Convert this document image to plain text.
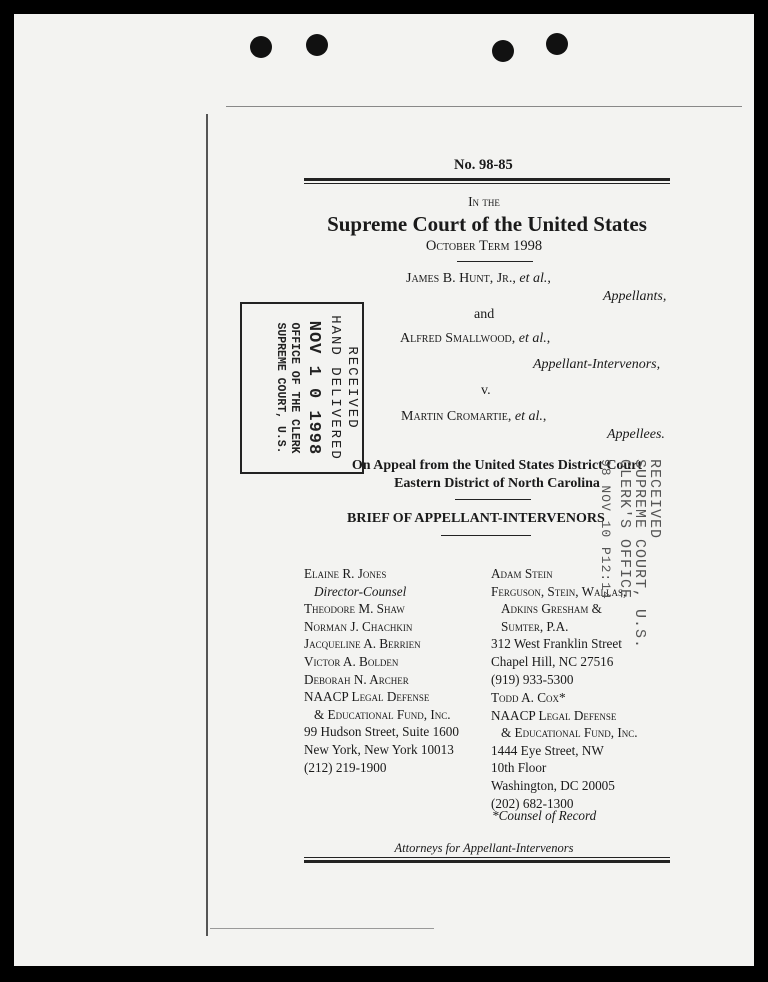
No. 98-85
In the
Supreme Court of the United States
October Term 1998
James B. Hunt, Jr., et al.,
Appellants,
and
Alfred Smallwood, et al.,
Appellant-Intervenors,
v.
Martin Cromartie, et al.,
Appellees.
On Appeal from the United States District Court
Eastern District of North Carolina
BRIEF OF APPELLANT-INTERVENORS
Elaine R. Jones
Director-Counsel
Theodore M. Shaw
Norman J. Chachkin
Jacqueline A. Berrien
Victor A. Bolden
Deborah N. Archer
NAACP Legal Defense
& Educational Fund, Inc.
99 Hudson Street, Suite 1600
New York, New York 10013
(212) 219-1900
Adam Stein
Ferguson, Stein, Wallas,
Adkins Gresham &
Sumter, P.A.
312 West Franklin Street
Chapel Hill, NC 27516
(919) 933-5300
Todd A. Cox*
NAACP Legal Defense
& Educational Fund, Inc.
1444 Eye Street, NW
10th Floor
Washington, DC 20005
(202) 682-1300
*Counsel of Record
Attorneys for Appellant-Intervenors
RECEIVED
HAND DELIVERED
NOV 1 0 1998
OFFICE OF THE CLERK
SUPREME COURT, U.S.
RECEIVED
SUPREME COURT, U.S.
CLERK'S OFFICE
98 NOV 10 P12:14
